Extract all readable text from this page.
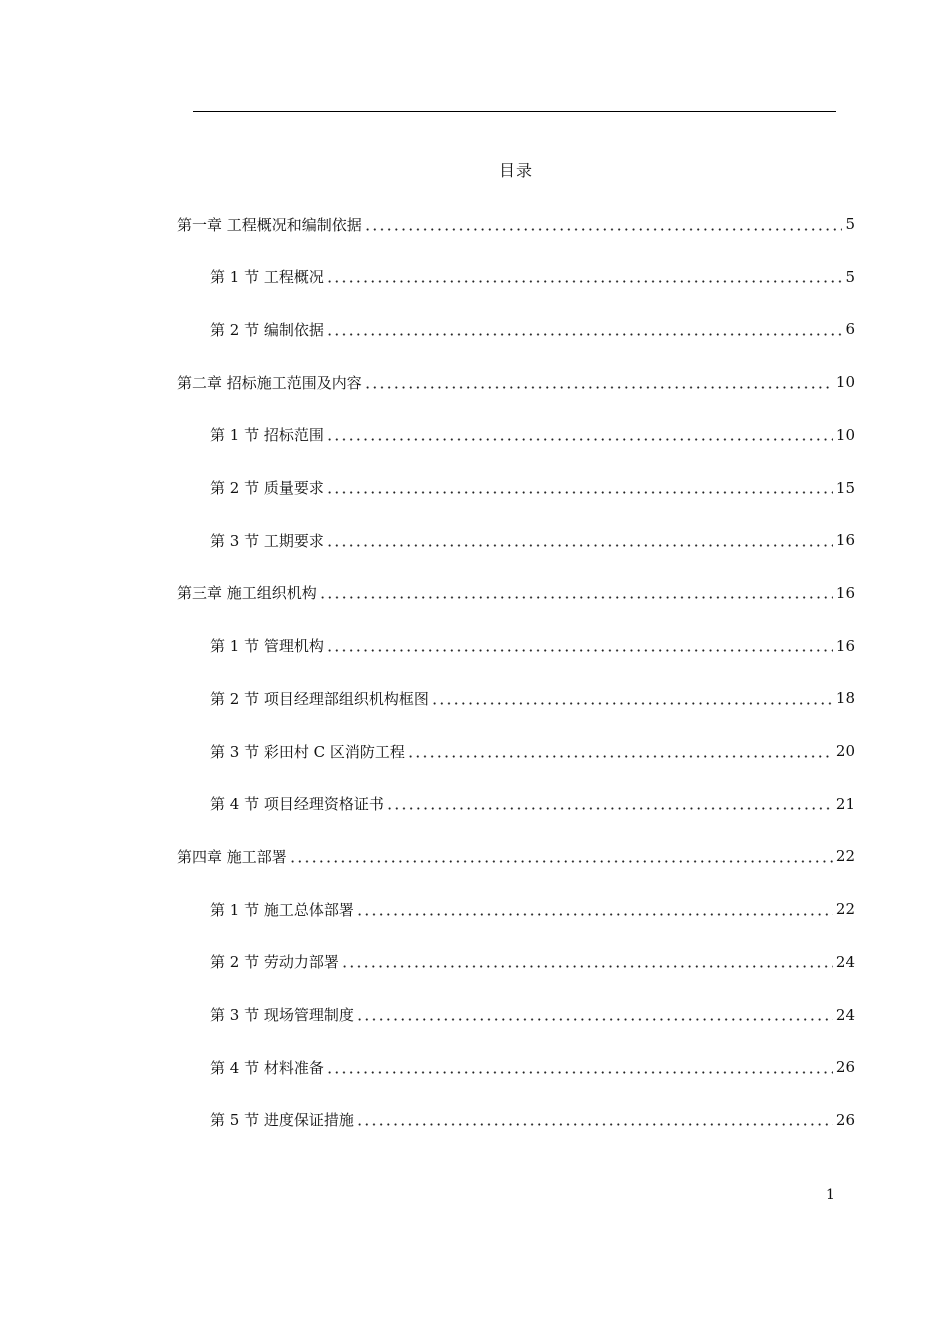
目录
第一章 工程概况和编制依据	5
第 1 节 工程概况	5
第 2 节 编制依据	6
第二章 招标施工范围及内容	10
第 1 节 招标范围	10
第 2 节 质量要求	15
第 3 节 工期要求	16
第三章 施工组织机构	16
第 1 节 管理机构	16
第 2 节 项目经理部组织机构框图	18
第 3 节 彩田村 C 区消防工程	20
第 4 节 项目经理资格证书	21
第四章 施工部署	22
第 1 节 施工总体部署	22
第 2 节 劳动力部署	24
第 3 节 现场管理制度	24
第 4 节 材料准备	26
第 5 节 进度保证措施	26
1
